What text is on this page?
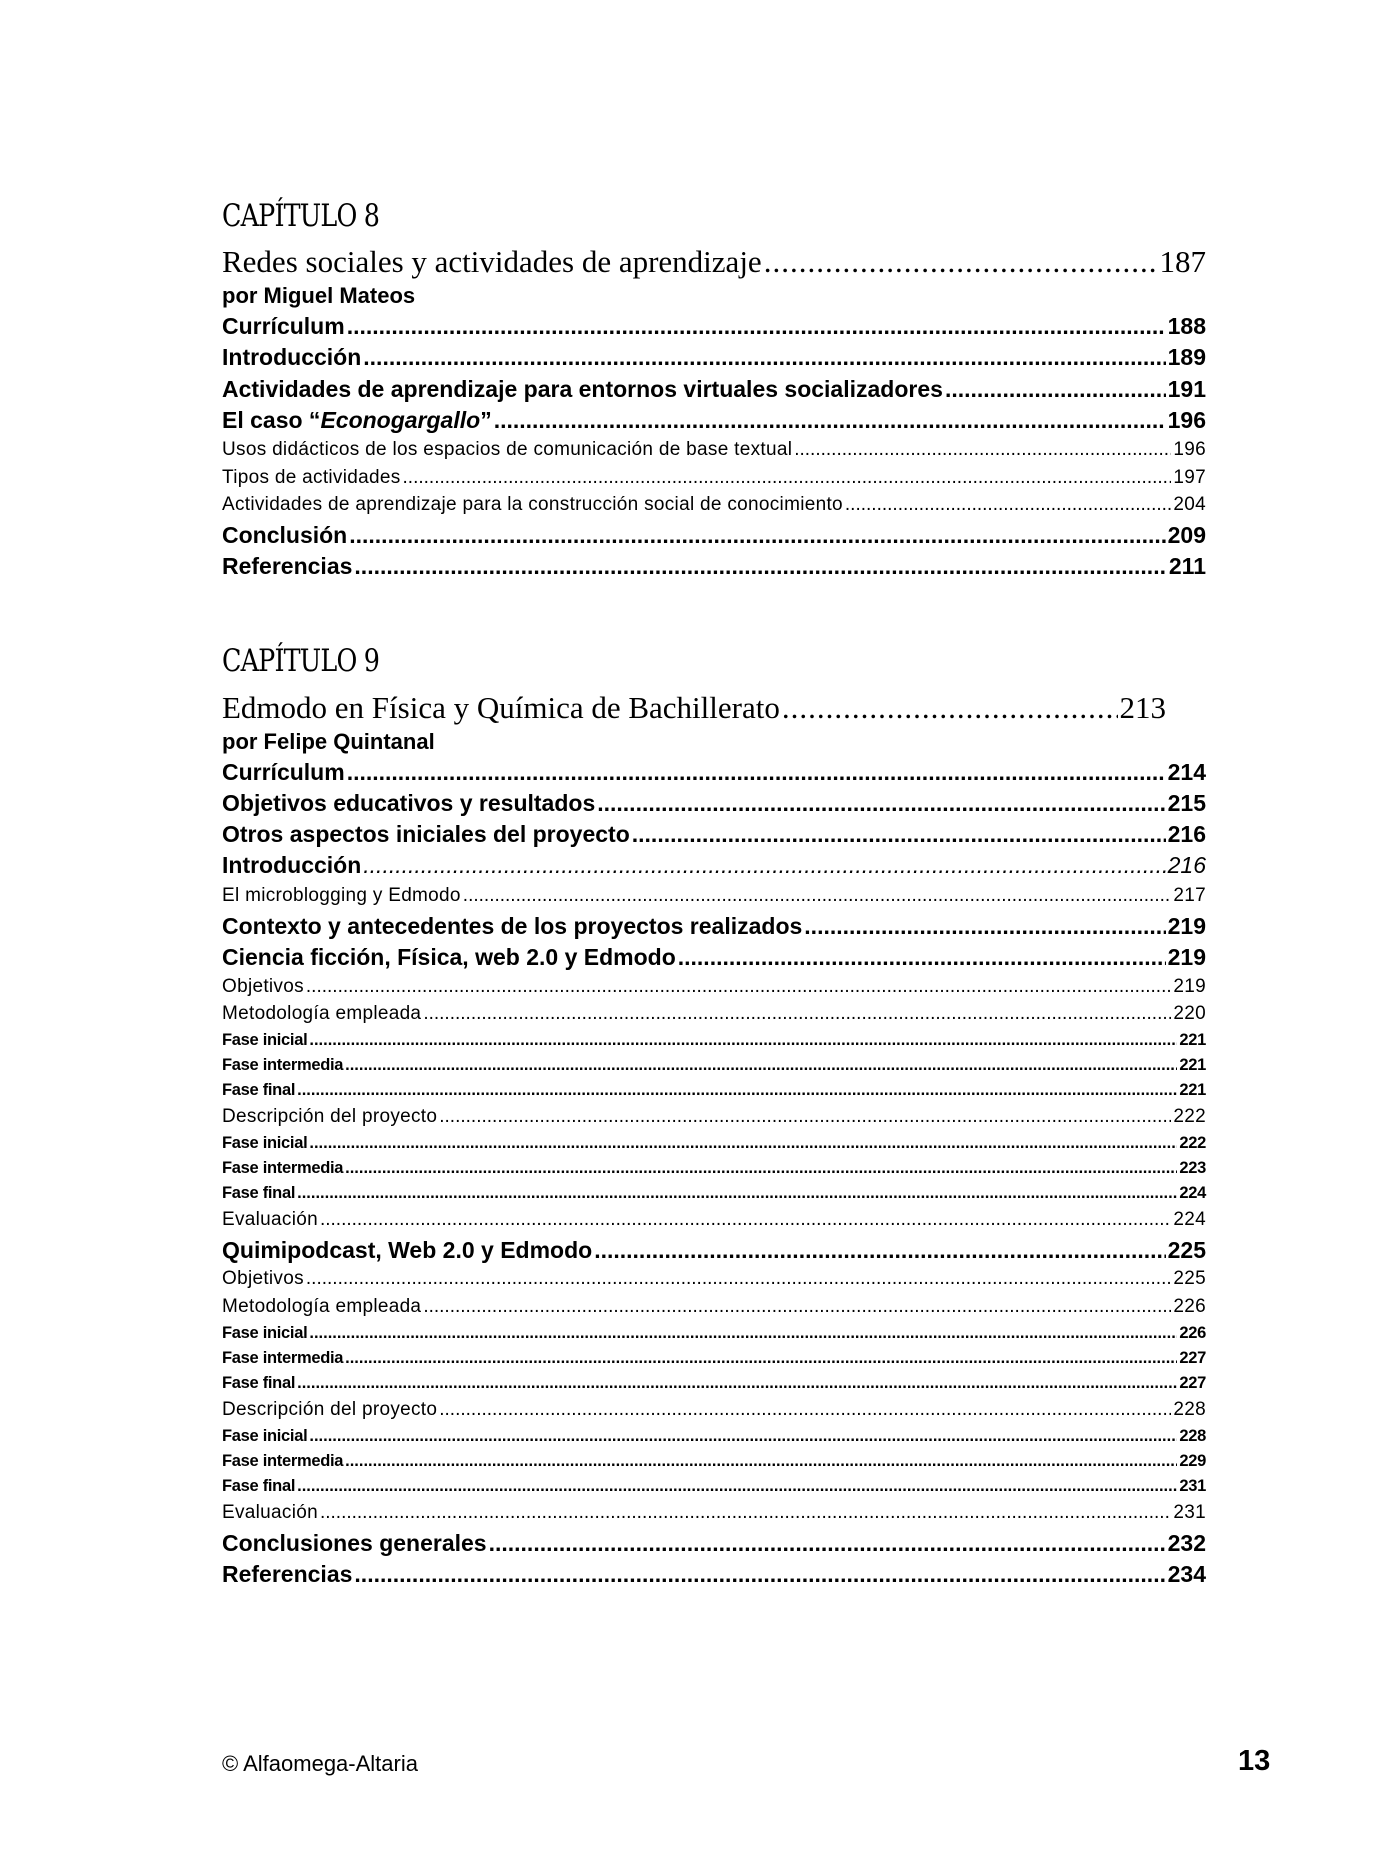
CAPÍTULO 8
Redes sociales y actividades de aprendizaje .....	187
por Miguel Mateos
Currículum .....	188
Introducción .....	189
Actividades de aprendizaje para entornos virtuales socializadores .....	191
El caso “Econogargallo” .....	196
Usos didácticos de los espacios de comunicación de base textual .....	196
Tipos de actividades .....	197
Actividades de aprendizaje para la construcción social de conocimiento .....	204
Conclusión .....	209
Referencias .....	211
CAPÍTULO 9
Edmodo en Física y Química de Bachillerato .....	213
por Felipe Quintanal
Currículum .....	214
Objetivos educativos y resultados .....	215
Otros aspectos iniciales del proyecto .....	216
Introducción .....	216
El microblogging y Edmodo .....	217
Contexto y antecedentes de los proyectos realizados .....	219
Ciencia ficción, Física, web 2.0 y Edmodo .....	219
Objetivos .....	219
Metodología empleada .....	220
Fase inicial .....	221
Fase intermedia .....	221
Fase final .....	221
Descripción del proyecto .....	222
Fase inicial .....	222
Fase intermedia .....	223
Fase final .....	224
Evaluación .....	224
Quimipodcast, Web 2.0 y Edmodo .....	225
Objetivos .....	225
Metodología empleada .....	226
Fase inicial .....	226
Fase intermedia .....	227
Fase final .....	227
Descripción del proyecto .....	228
Fase inicial .....	228
Fase intermedia .....	229
Fase final .....	231
Evaluación .....	231
Conclusiones generales .....	232
Referencias .....	234
© Alfaomega-Altaria	13
